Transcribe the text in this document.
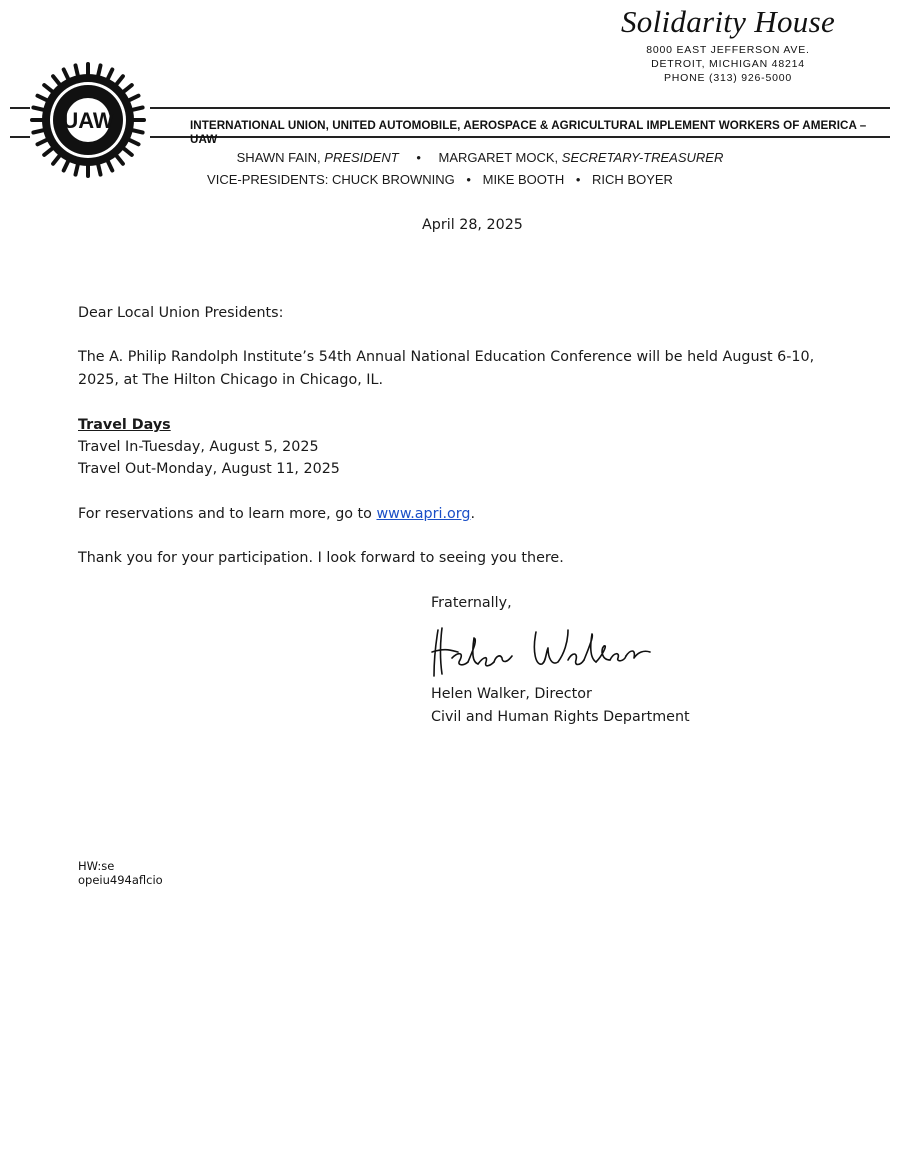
Solidarity House
8000 EAST JEFFERSON AVE.
DETROIT, MICHIGAN 48214
PHONE (313) 926-5000
UAW	INTERNATIONAL UNION, UNITED AUTOMOBILE, AEROSPACE & AGRICULTURAL IMPLEMENT WORKERS OF AMERICA – UAW
SHAWN FAIN, PRESIDENT • MARGARET MOCK, SECRETARY-TREASURER
VICE-PRESIDENTS: CHUCK BROWNING • MIKE BOOTH • RICH BOYER
April 28, 2025
Dear Local Union Presidents:
The A. Philip Randolph Institute’s 54th Annual National Education Conference will be held August 6-10,
2025, at The Hilton Chicago in Chicago, IL.
Travel Days
Travel In-Tuesday, August 5, 2025
Travel Out-Monday, August 11, 2025
For reservations and to learn more, go to www.apri.org.
Thank you for your participation. I look forward to seeing you there.
Fraternally,
Helen Walker, Director
Civil and Human Rights Department
HW:se
opeiu494aflcio
